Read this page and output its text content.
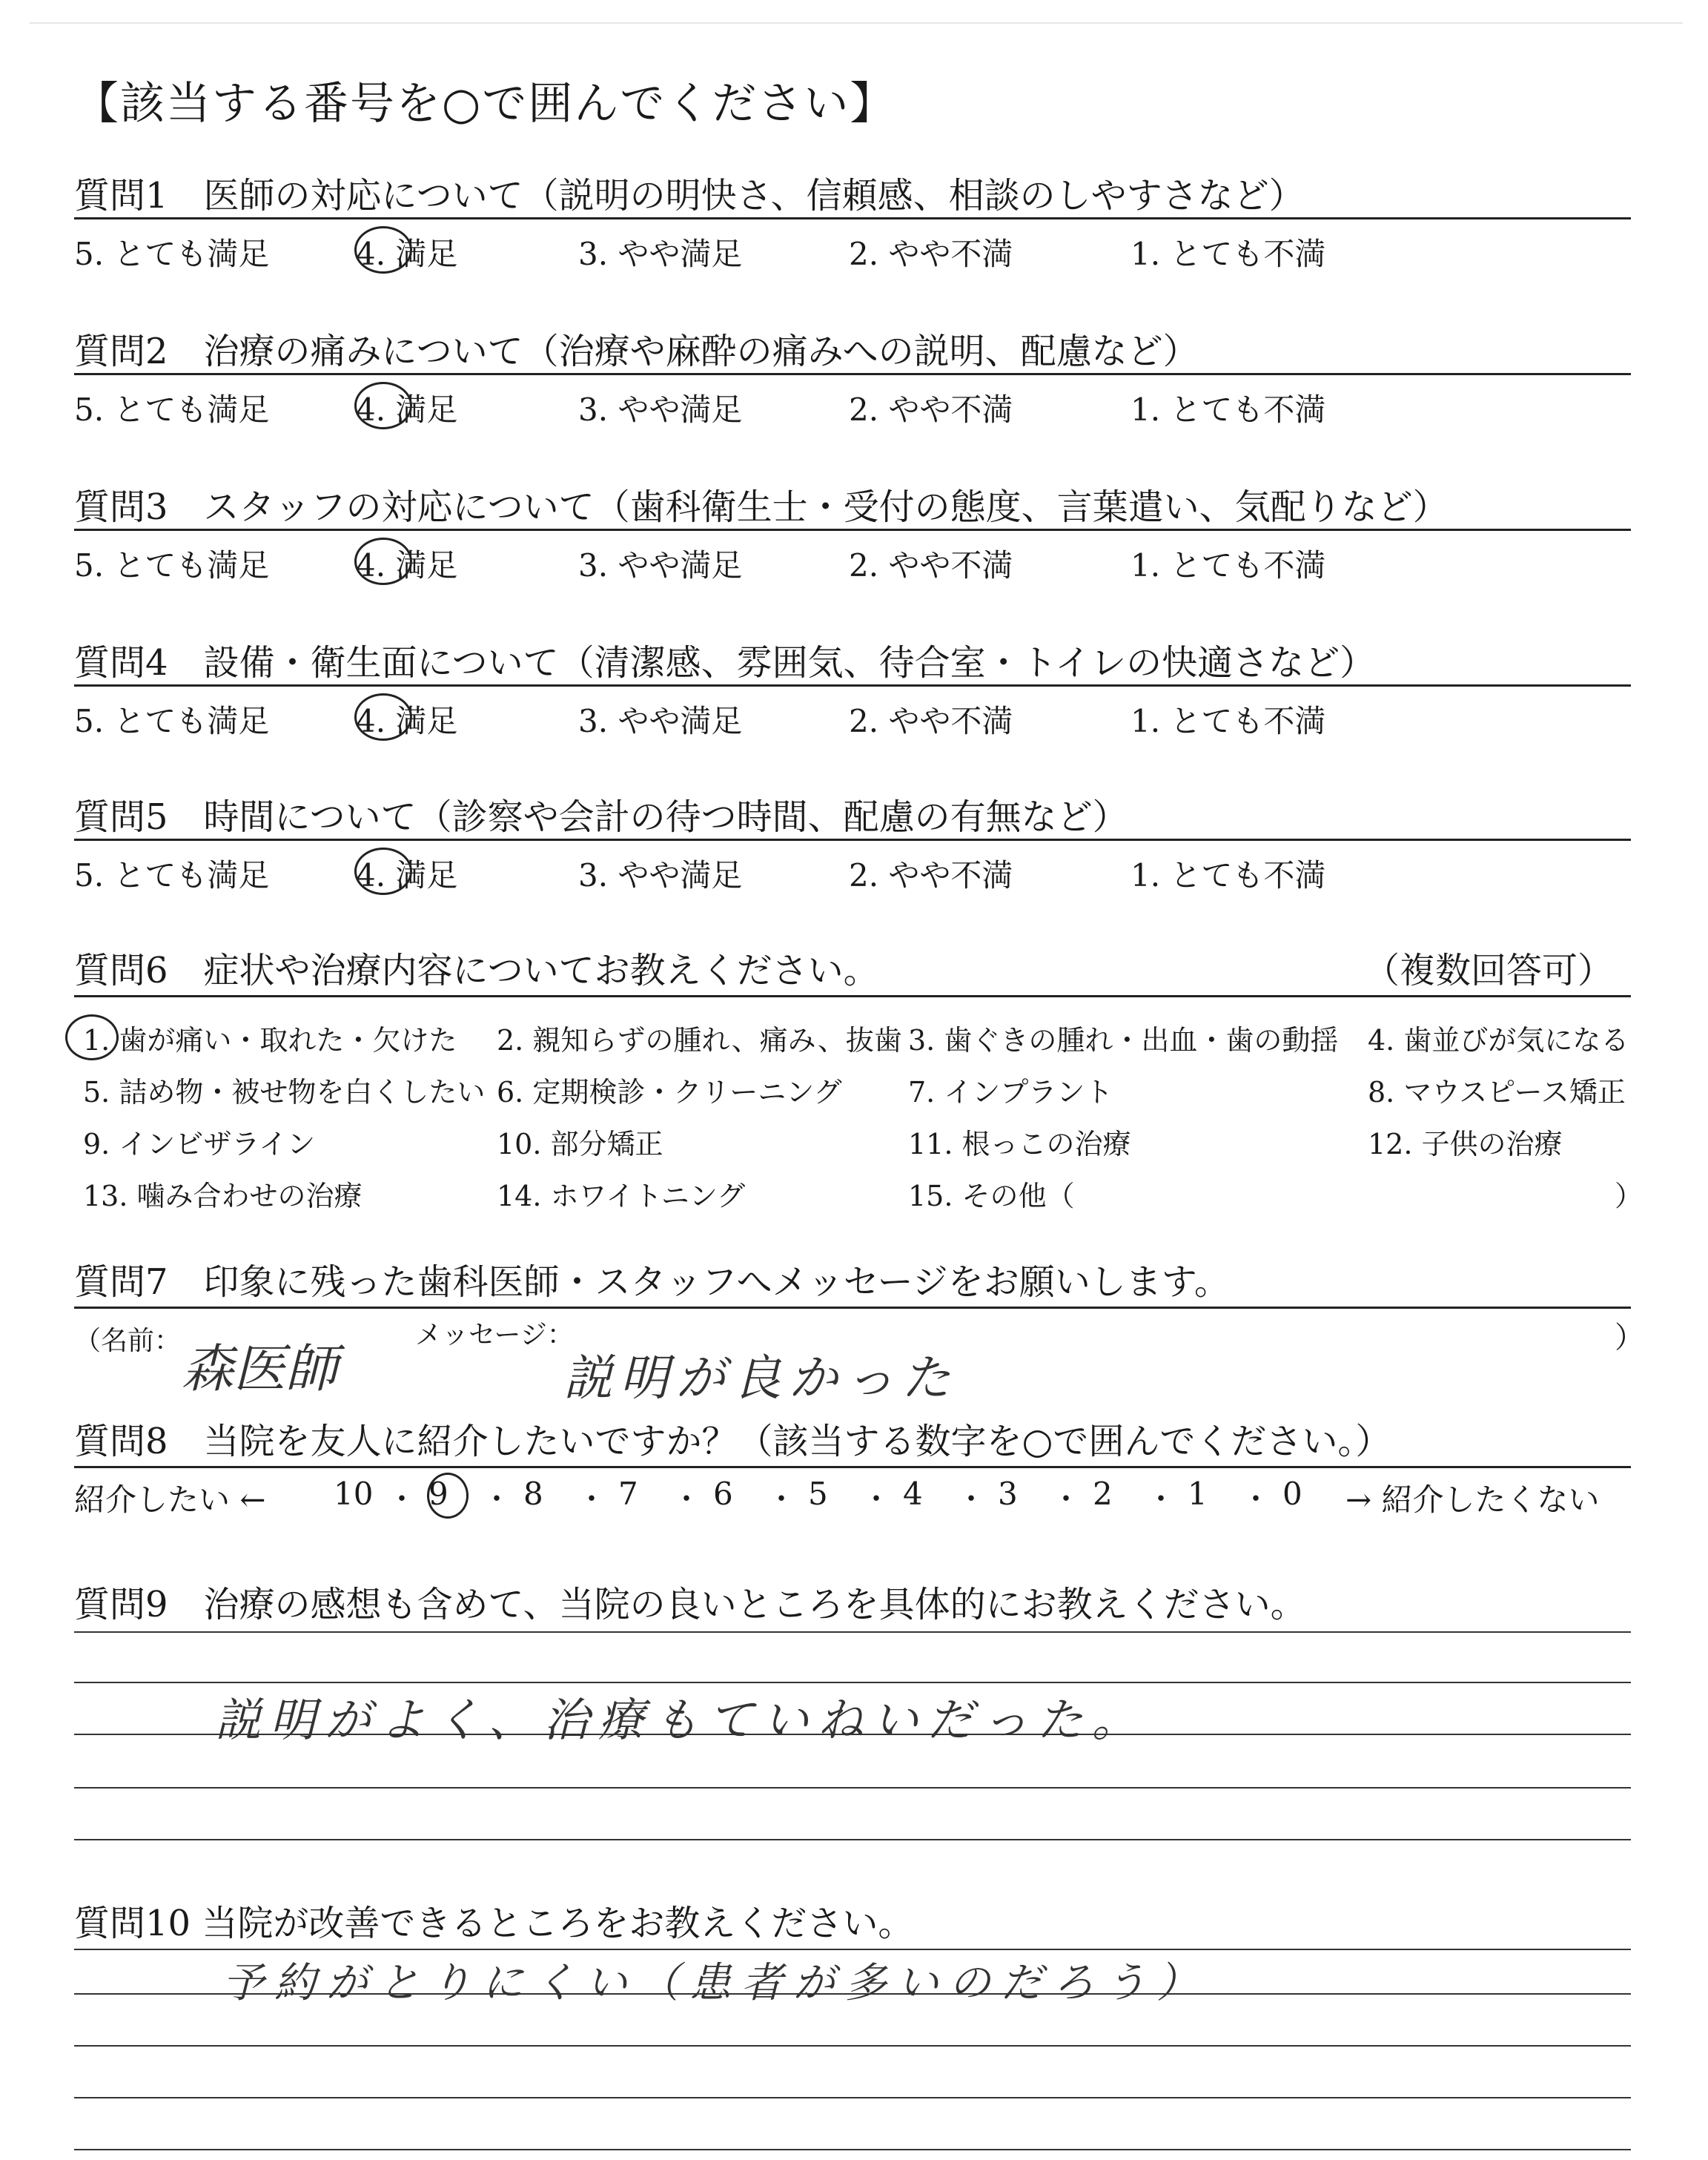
【該当する番号を○で囲んでください】
質問1　医師の対応について（説明の明快さ、信頼感、相談のしやすさなど）
5. とても満足	4. 満足	3. やや満足	2. やや不満	1. とても不満
質問2　治療の痛みについて（治療や麻酔の痛みへの説明、配慮など）
5. とても満足	4. 満足	3. やや満足	2. やや不満	1. とても不満
質問3　スタッフの対応について（歯科衛生士・受付の態度、言葉遣い、気配りなど）
5. とても満足	4. 満足	3. やや満足	2. やや不満	1. とても不満
質問4　設備・衛生面について（清潔感、雰囲気、待合室・トイレの快適さなど）
5. とても満足	4. 満足	3. やや満足	2. やや不満	1. とても不満
質問5　時間について（診察や会計の待つ時間、配慮の有無など）
5. とても満足	4. 満足	3. やや満足	2. やや不満	1. とても不満
質問6　症状や治療内容についてお教えください。	（複数回答可）
1. 歯が痛い・取れた・欠けた 2. 親知らずの腫れ、痛み、抜歯 3. 歯ぐきの腫れ・出血・歯の動揺 4. 歯並びが気になる
5. 詰め物・被せ物を白くしたい 6. 定期検診・クリーニング 7. インプラント	8. マウスピース矯正
9. インビザライン	10. 部分矯正	11. 根っこの治療	12. 子供の治療
13. 噛み合わせの治療	14. ホワイトニング	15. その他（	）
質問7　印象に残った歯科医師・スタッフへメッセージをお願いします。
（名前：	メッセージ：	）
森医師	説明が良かった
質問8　当院を友人に紹介したいですか？（該当する数字を○で囲んでください。）
紹介したい ←	→ 紹介したくない
10 ・ 9 ・ 8 ・ 7 ・ 6 ・ 5 ・ 4 ・ 3 ・ 2 ・ 1 ・ 0
質問9　治療の感想も含めて、当院の良いところを具体的にお教えください。
説明がよく、治療もていねいだった。
質問10 当院が改善できるところをお教えください。
予約がとりにくい（患者が多いのだろう）
